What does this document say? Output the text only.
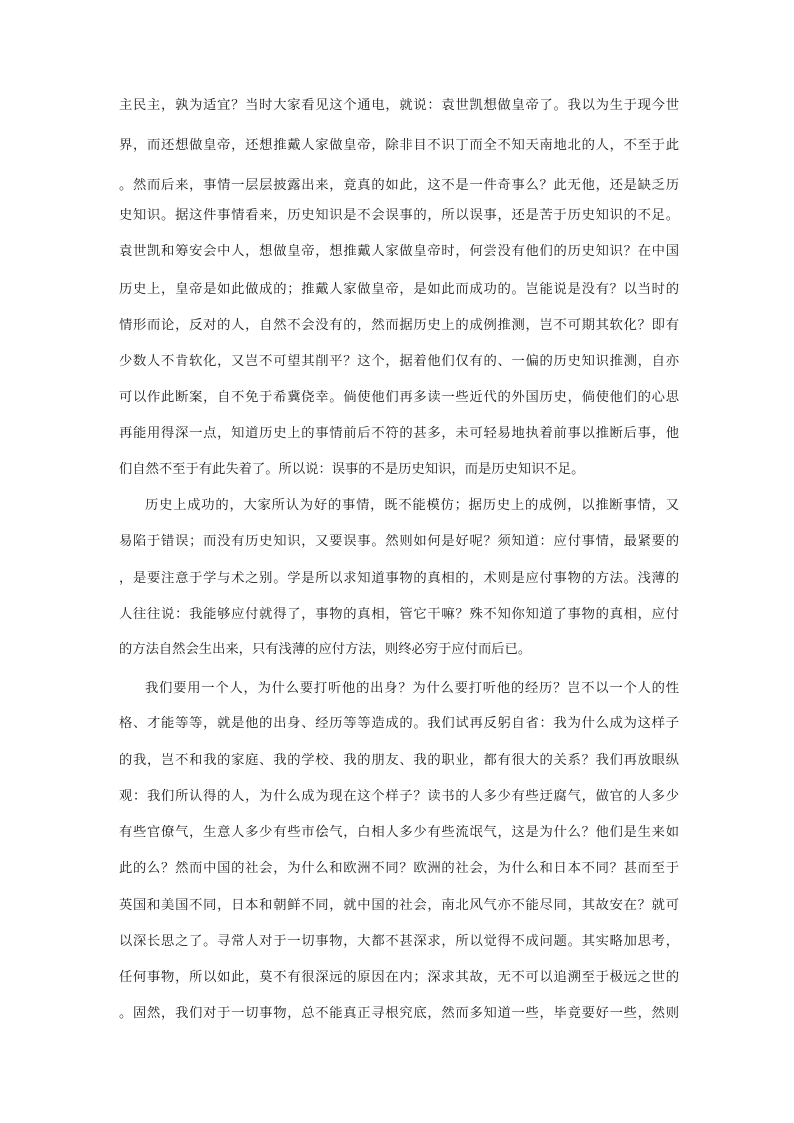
主民主，孰为适宜？当时大家看见这个通电，就说：袁世凯想做皇帝了。我以为生于现今世
界，而还想做皇帝，还想推戴人家做皇帝，除非目不识丁而全不知天南地北的人，不至于此
。然而后来，事情一层层披露出来，竟真的如此，这不是一件奇事么？此无他，还是缺乏历
史知识。据这件事情看来，历史知识是不会误事的，所以误事，还是苦于历史知识的不足。
袁世凯和筹安会中人，想做皇帝，想推戴人家做皇帝时，何尝没有他们的历史知识？在中国
历史上，皇帝是如此做成的；推戴人家做皇帝，是如此而成功的。岂能说是没有？以当时的
情形而论，反对的人，自然不会没有的，然而据历史上的成例推测，岂不可期其软化？即有
少数人不肯软化，又岂不可望其削平？这个，据着他们仅有的、一偏的历史知识推测，自亦
可以作此断案，自不免于希冀侥幸。倘使他们再多读一些近代的外国历史，倘使他们的心思
再能用得深一点，知道历史上的事情前后不符的甚多，未可轻易地执着前事以推断后事，他
们自然不至于有此失着了。所以说：误事的不是历史知识，而是历史知识不足。
历史上成功的，大家所认为好的事情，既不能模仿；据历史上的成例，以推断事情，又
易陷于错误；而没有历史知识，又要误事。然则如何是好呢？须知道：应付事情，最紧要的
，是要注意于学与术之别。学是所以求知道事物的真相的，术则是应付事物的方法。浅薄的
人往往说：我能够应付就得了，事物的真相，管它干嘛？殊不知你知道了事物的真相，应付
的方法自然会生出来，只有浅薄的应付方法，则终必穷于应付而后已。
我们要用一个人，为什么要打听他的出身？为什么要打听他的经历？岂不以一个人的性
格、才能等等，就是他的出身、经历等等造成的。我们试再反躬自省：我为什么成为这样子
的我，岂不和我的家庭、我的学校、我的朋友、我的职业，都有很大的关系？我们再放眼纵
观：我们所认得的人，为什么成为现在这个样子？读书的人多少有些迂腐气，做官的人多少
有些官僚气，生意人多少有些市侩气，白相人多少有些流氓气，这是为什么？他们是生来如
此的么？然而中国的社会，为什么和欧洲不同？欧洲的社会，为什么和日本不同？甚而至于
英国和美国不同，日本和朝鲜不同，就中国的社会，南北风气亦不能尽同，其故安在？就可
以深长思之了。寻常人对于一切事物，大都不甚深求，所以觉得不成问题。其实略加思考，
任何事物，所以如此，莫不有很深远的原因在内；深求其故，无不可以追溯至于极远之世的
。固然，我们对于一切事物，总不能真正寻根究底，然而多知道一些，毕竟要好一些，然则
